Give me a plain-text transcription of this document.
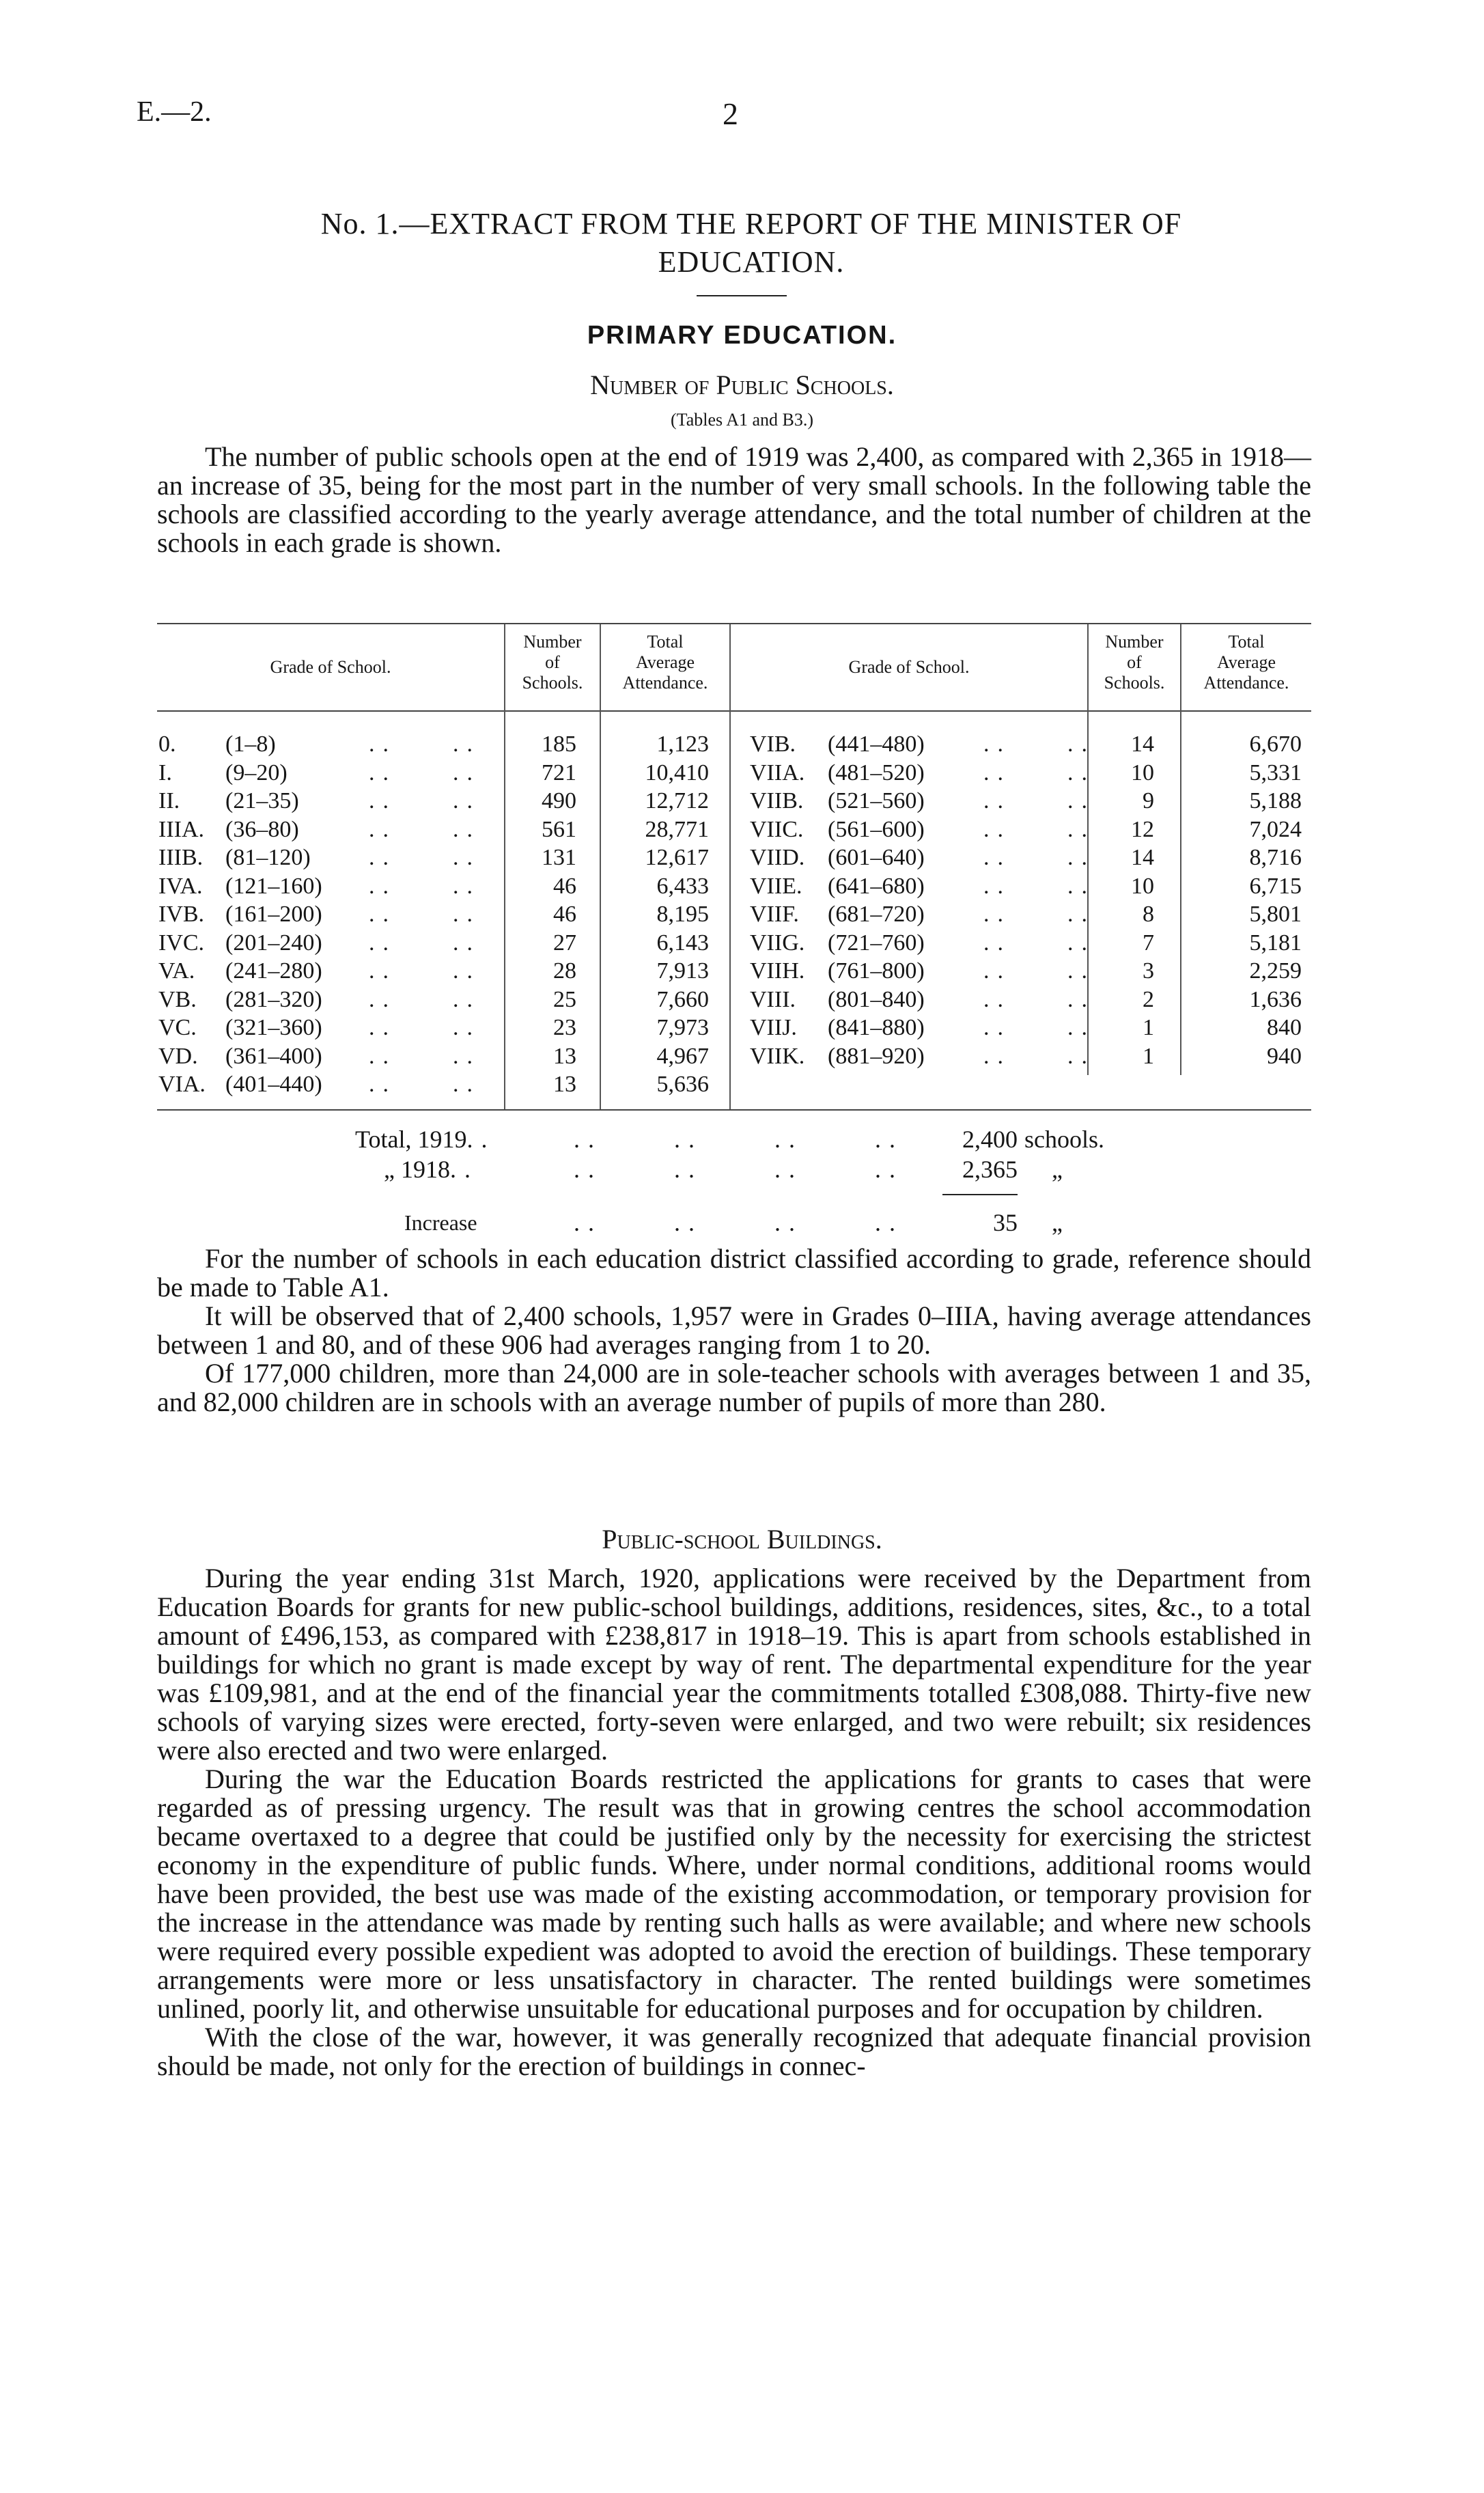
E.—2.	2
No. 1.—EXTRACT FROM THE REPORT OF THE MINISTER OF
EDUCATION.
PRIMARY EDUCATION.
Number of Public Schools.
(Tables A1 and B3.)

The number of public schools open at the end of 1919 was 2,400, as compared with 2,365 in 1918—an increase of 35, being for the most part in the number of very small schools. In the following table the schools are classified according to the yearly average attendance, and the total number of children at the schools in each grade is shown.

Grade of School.
Number
of
Schools.
Total
Average
Attendance.
Grade of School.
Number
of
Schools.
Total
Average
Attendance.
0. (1–8)	..    ..	185	1,123
I. (9–20)	..    ..	721	10,410
II. (21–35)	..    ..	490	12,712
IIIA. (36–80)	..    ..	561	28,771
IIIB. (81–120)	..    ..	131	12,617
IVA. (121–160) ..    ..	46	6,433
IVB. (161–200) ..    ..	46	8,195
IVC. (201–240) ..    ..	27	6,143
VA. (241–280) ..    ..	28	7,913
VB. (281–320) ..    ..	25	7,660
VC. (321–360) ..    ..	23	7,973
VD. (361–400) ..    ..	13	4,967
VIA. (401–440) ..    ..	13	5,636
VIB. (441–480)	..    ..	14	6,670
VIIA. (481–520)	..    ..	10	5,331
VIIB. (521–560)	..    ..	9	5,188
VIIC. (561–600)	..    ..	12	7,024
VIID. (601–640)	..    ..	14	8,716
VIIE. (641–680)	..    ..	10	6,715
VIIF. (681–720)	..    ..	8	5,801
VIIG. (721–760)	..    ..	7	5,181
VIIH. (761–800)	..    ..	3	2,259
VIII. (801–840)	..    ..	2	1,636
VIIJ. (841–880)	..    ..	1	840
VIIK. (881–920)	..    ..	1	940
Total, 1919..	..     ..     ..     ..	2,400 schools.
„ 1918..	..     ..     ..     ..	2,365 „
Increase	..     ..     ..     ..	35 „

For the number of schools in each education district classified according to grade, reference should be made to Table A1.

It will be observed that of 2,400 schools, 1,957 were in Grades 0–IIIA, having average attendances between 1 and 80, and of these 906 had averages ranging from 1 to 20.

Of 177,000 children, more than 24,000 are in sole-teacher schools with averages between 1 and 35, and 82,000 children are in schools with an average number of pupils of more than 280.

Public-school Buildings.

During the year ending 31st March, 1920, applications were received by the Department from Education Boards for grants for new public-school buildings, additions, residences, sites, &c., to a total amount of £496,153, as compared with £238,817 in 1918–19. This is apart from schools established in buildings for which no grant is made except by way of rent. The departmental expenditure for the year was £109,981, and at the end of the financial year the commitments totalled £308,088. Thirty-five new schools of varying sizes were erected, forty-seven were enlarged, and two were rebuilt; six residences were also erected and two were enlarged.

During the war the Education Boards restricted the applications for grants to cases that were regarded as of pressing urgency. The result was that in growing centres the school accommodation became overtaxed to a degree that could be justified only by the necessity for exercising the strictest economy in the expenditure of public funds. Where, under normal conditions, additional rooms would have been provided, the best use was made of the existing accommodation, or temporary provision for the increase in the attendance was made by renting such halls as were available; and where new schools were required every possible expedient was adopted to avoid the erection of buildings. These temporary arrangements were more or less unsatisfactory in character. The rented buildings were sometimes unlined, poorly lit, and otherwise unsuitable for educational purposes and for occupation by children.

With the close of the war, however, it was generally recognized that adequate financial provision should be made, not only for the erection of buildings in connec-
